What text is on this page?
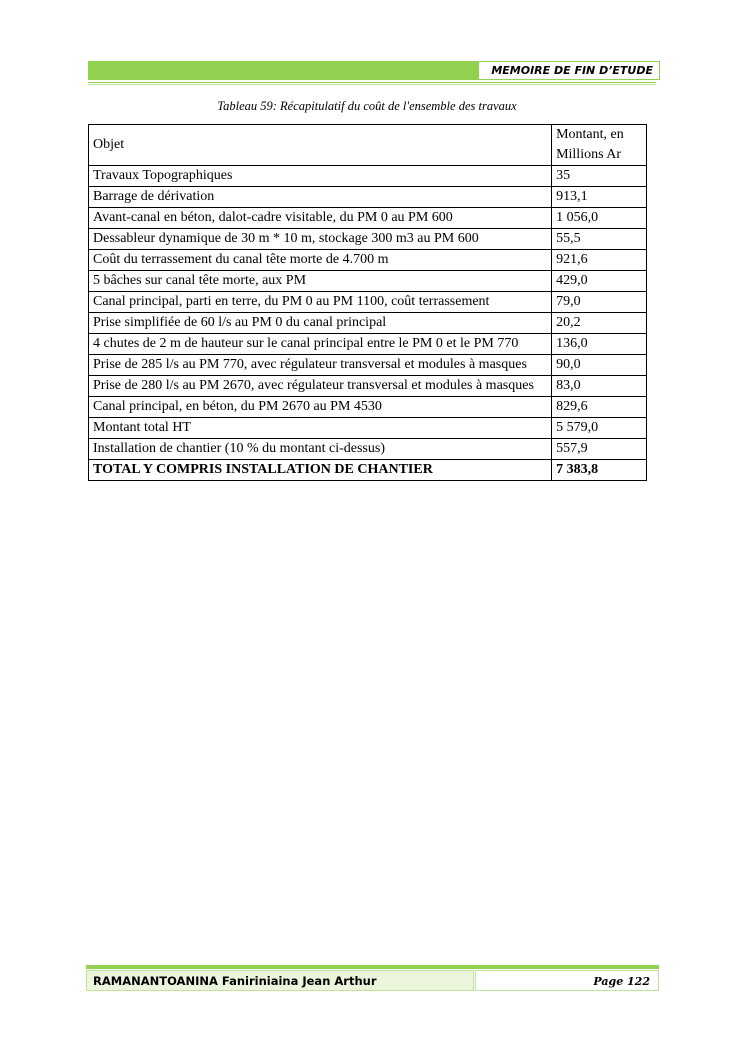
MEMOIRE DE FIN D’ETUDE
Tableau 59: Récapitulatif du coût de l'ensemble des travaux
Objet	Montant, en
Millions Ar
Travaux Topographiques	35
Barrage de dérivation	913,1
Avant-canal en béton, dalot-cadre visitable, du PM 0 au PM 600	1 056,0
Dessableur dynamique de 30 m * 10 m, stockage 300 m3 au PM 600	55,5
Coût du terrassement du canal tête morte de 4.700 m	921,6
5 bâches sur canal tête morte, aux PM	429,0
Canal principal, parti en terre, du PM 0 au PM 1100, coût terrassement	79,0
Prise simplifiée de 60 l/s au PM 0 du canal principal	20,2
4 chutes de 2 m de hauteur sur le canal principal entre le PM 0 et le PM 770	136,0
Prise de 285 l/s au PM 770, avec régulateur transversal et modules à masques	90,0
Prise de 280 l/s au PM 2670, avec régulateur transversal et modules à masques	83,0
Canal principal, en béton, du PM 2670 au PM 4530	829,6
Montant total HT	5 579,0
Installation de chantier (10 % du montant ci-dessus)	557,9
TOTAL Y COMPRIS INSTALLATION DE CHANTIER	7 383,8
RAMANANTOANINA Faniriniaina Jean Arthur	Page 122
